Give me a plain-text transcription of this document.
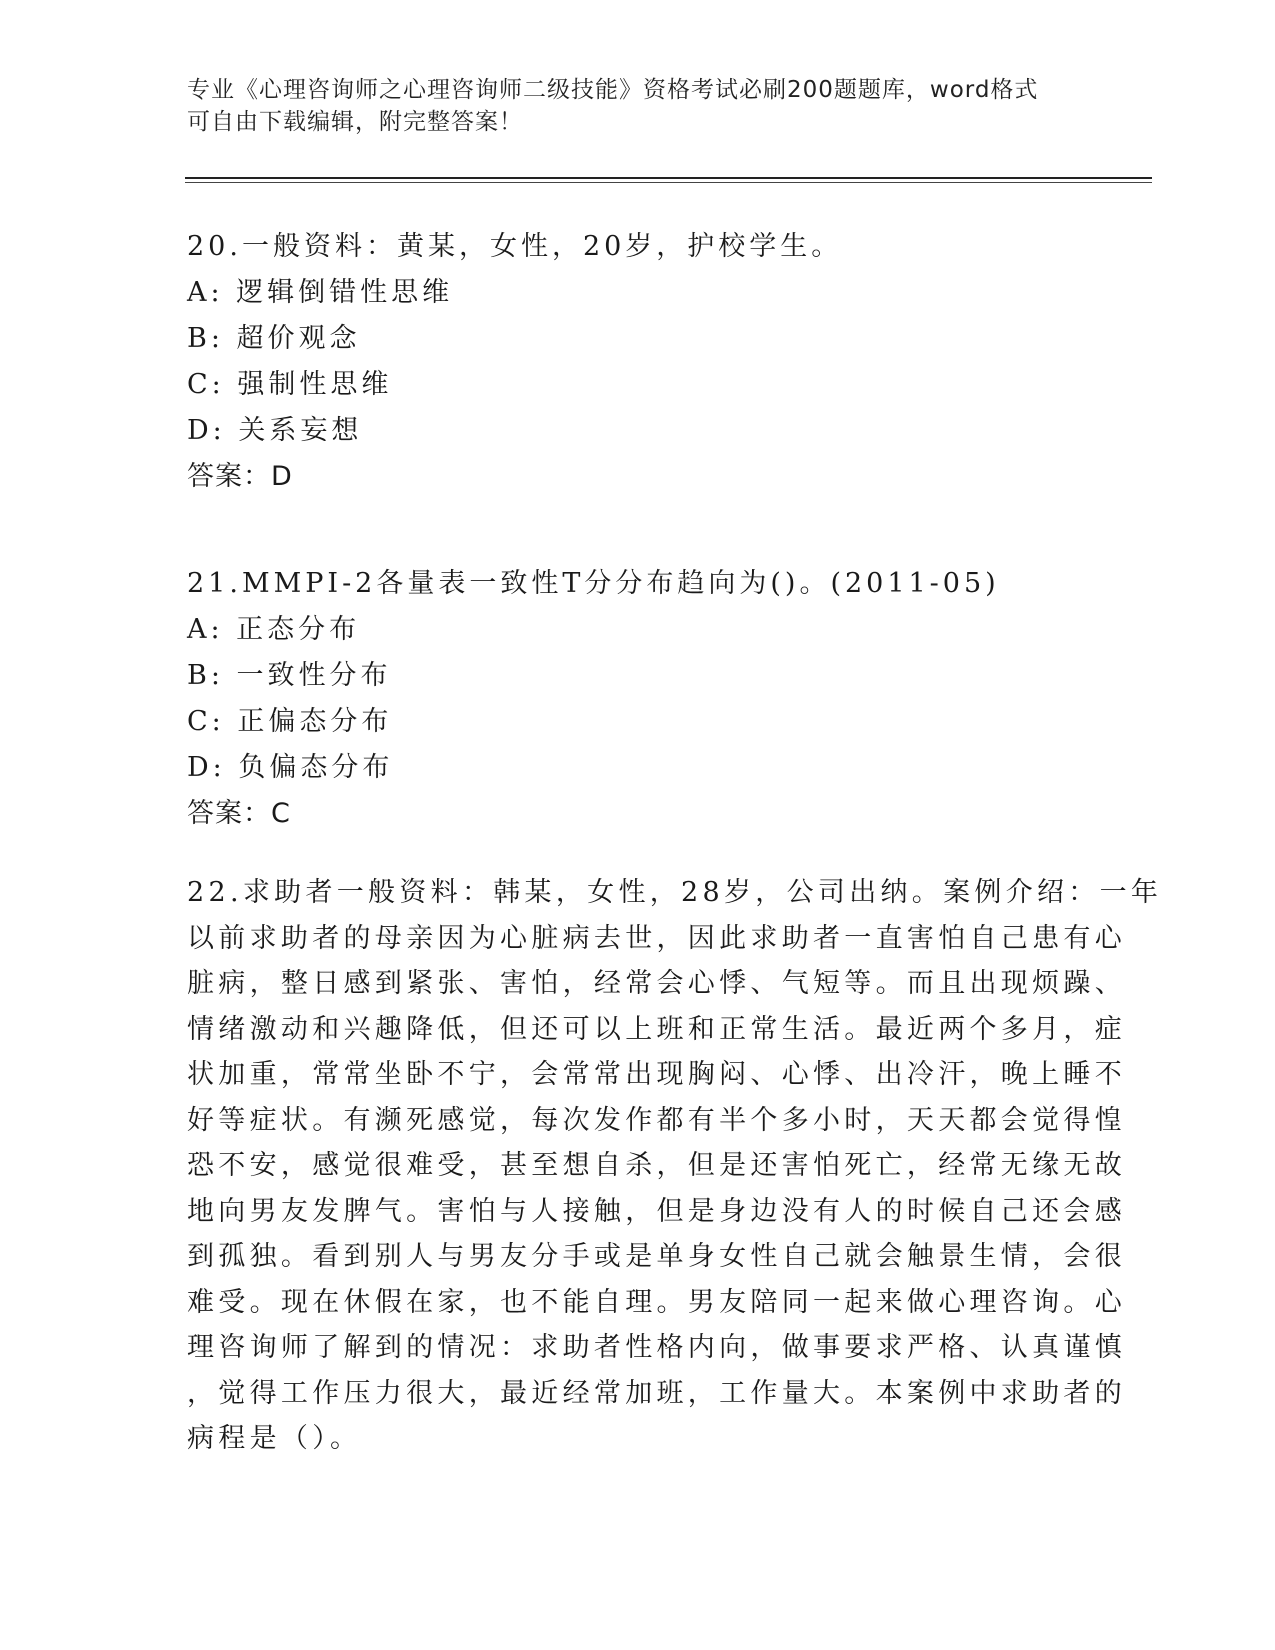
专业《心理咨询师之心理咨询师二级技能》资格考试必刷200题题库，word格式
可自由下载编辑，附完整答案！
20.一般资料：黄某，女性，20岁，护校学生。
A: 逻辑倒错性思维
B: 超价观念
C: 强制性思维
D: 关系妄想
答案：D
21.MMPI-2各量表一致性T分分布趋向为()。(2011-05)
A: 正态分布
B: 一致性分布
C: 正偏态分布
D: 负偏态分布
答案：C
22.求助者一般资料：韩某，女性，28岁，公司出纳。案例介绍：一年
以前求助者的母亲因为心脏病去世，因此求助者一直害怕自己患有心
脏病，整日感到紧张、害怕，经常会心悸、气短等。而且出现烦躁、
情绪激动和兴趣降低，但还可以上班和正常生活。最近两个多月，症
状加重，常常坐卧不宁，会常常出现胸闷、心悸、出冷汗，晚上睡不
好等症状。有濒死感觉，每次发作都有半个多小时，天天都会觉得惶
恐不安，感觉很难受，甚至想自杀，但是还害怕死亡，经常无缘无故
地向男友发脾气。害怕与人接触，但是身边没有人的时候自己还会感
到孤独。看到别人与男友分手或是单身女性自己就会触景生情，会很
难受。现在休假在家，也不能自理。男友陪同一起来做心理咨询。心
理咨询师了解到的情况：求助者性格内向，做事要求严格、认真谨慎
，觉得工作压力很大，最近经常加班，工作量大。本案例中求助者的
病程是（）。
